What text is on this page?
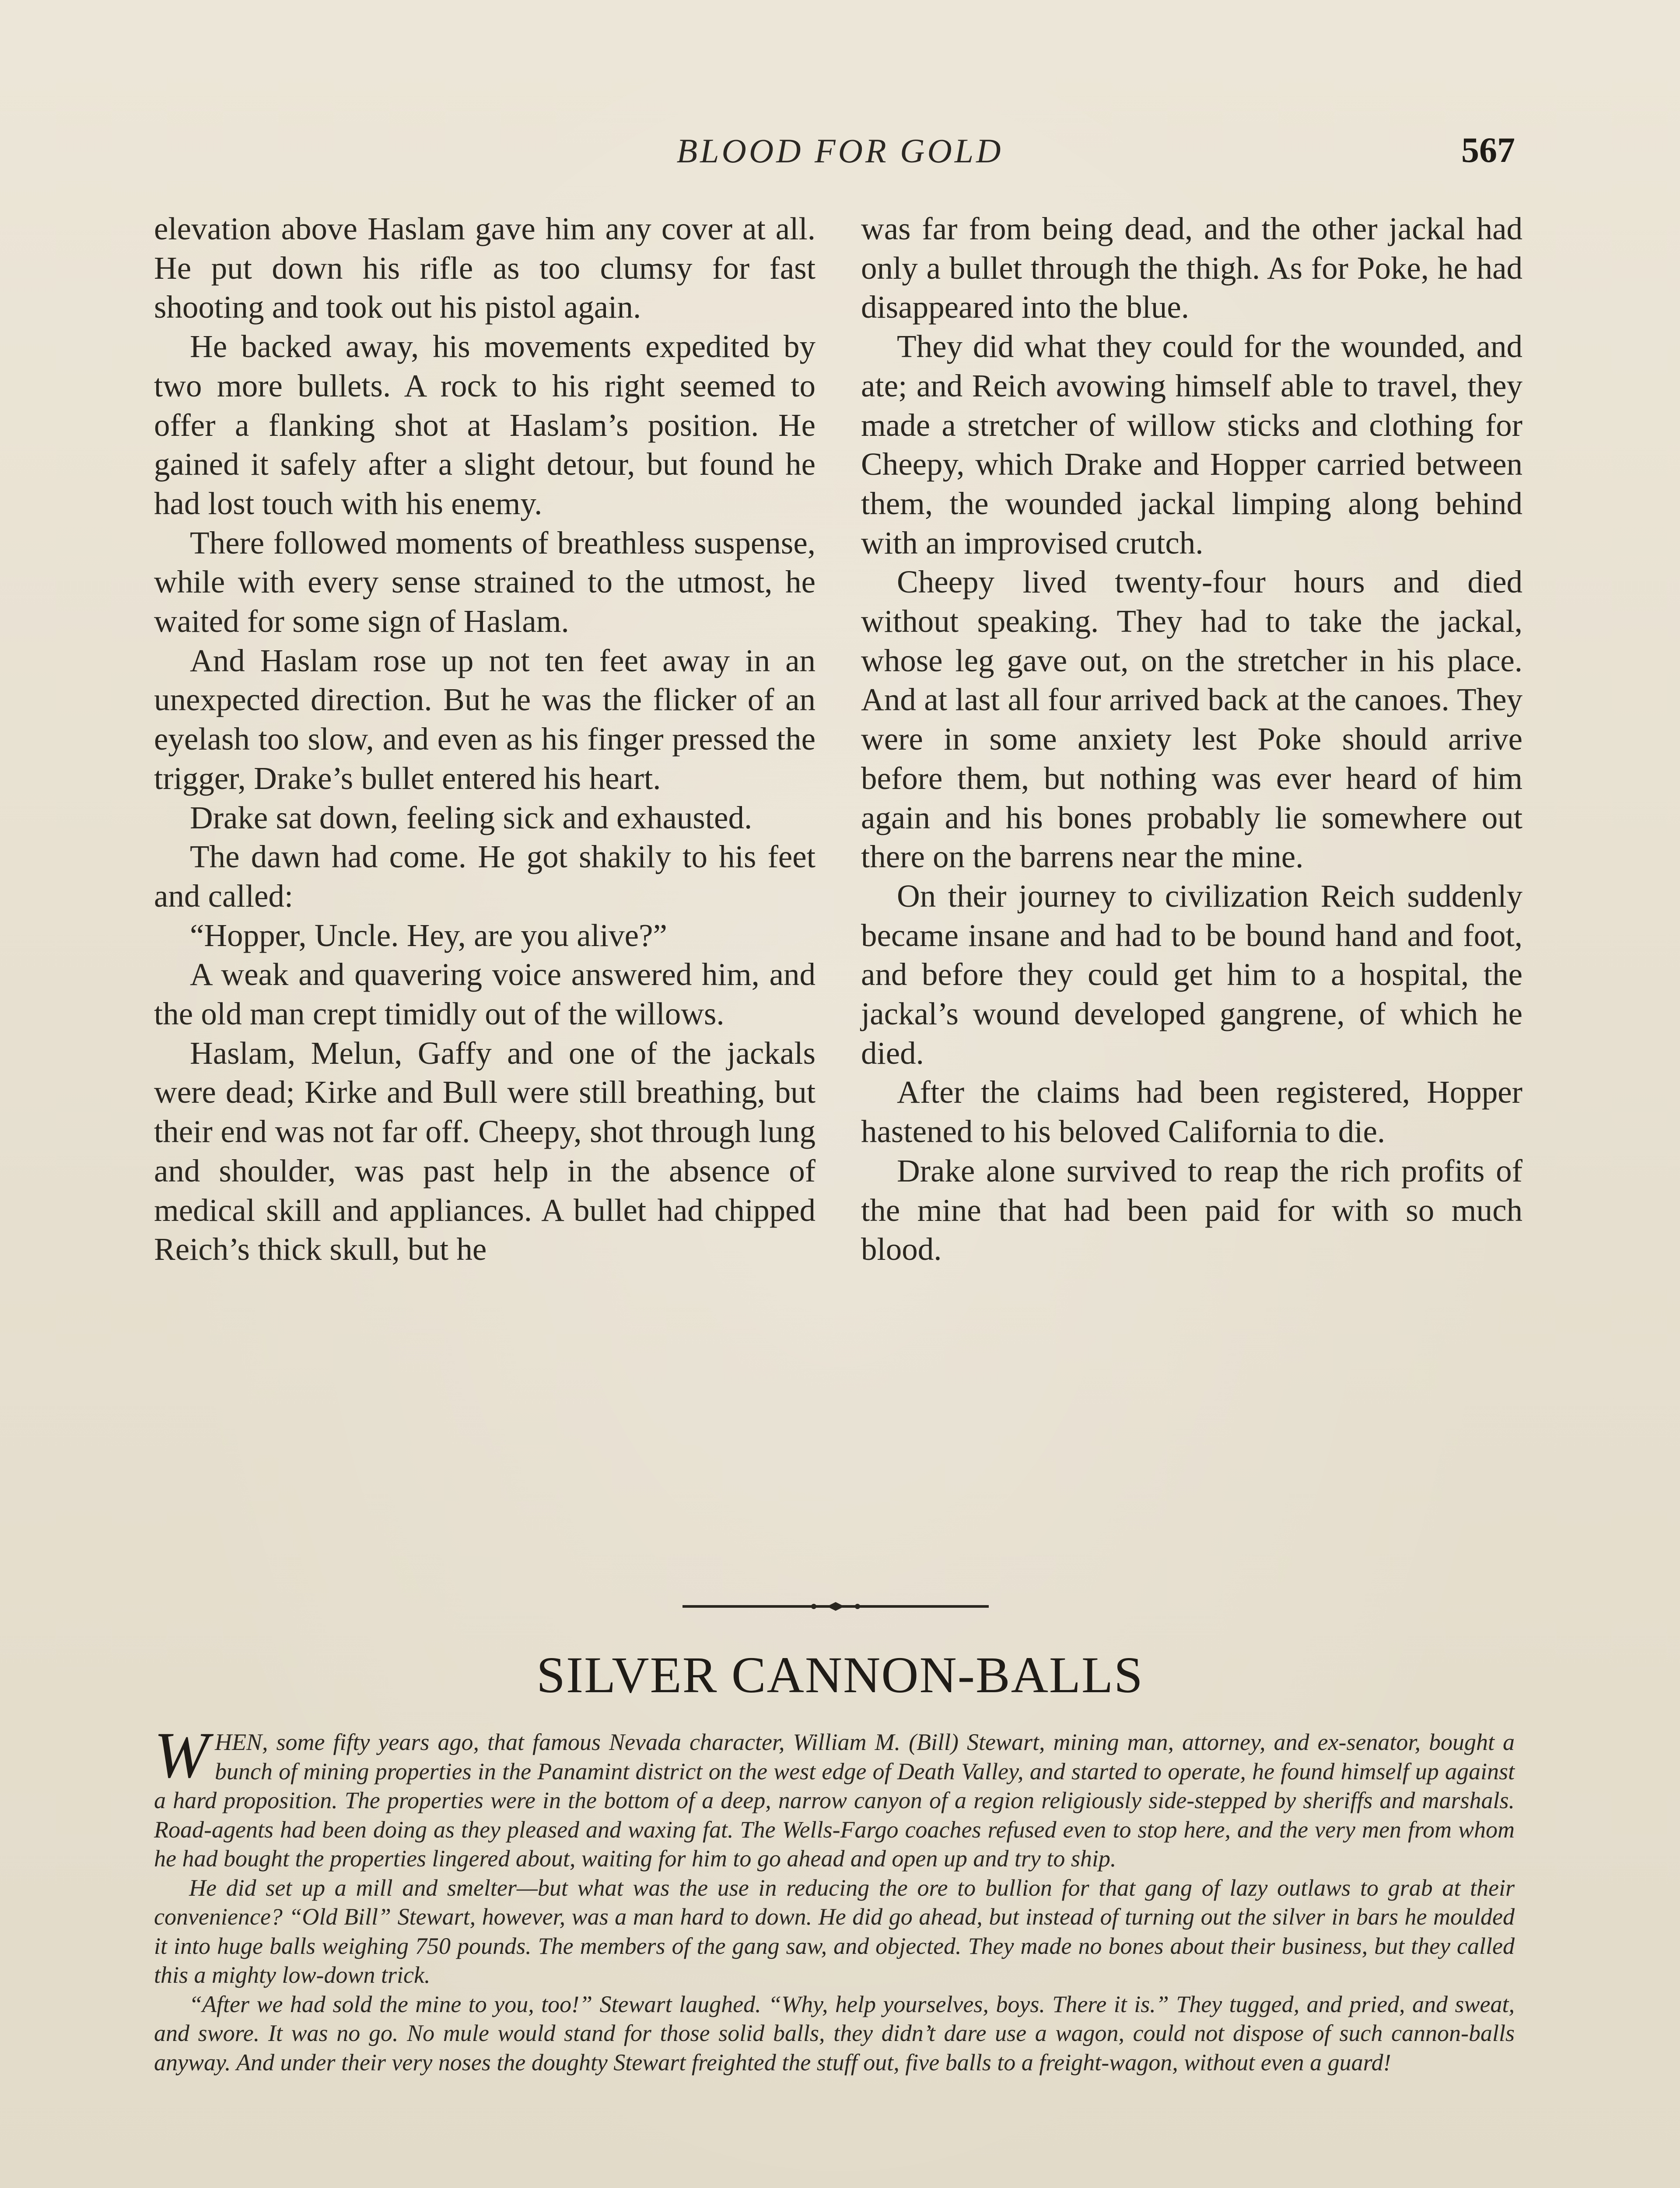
BLOOD FOR GOLD	567

elevation above Haslam gave him any cover at all. He put down his rifle as too clumsy for fast shooting and took out his pistol again.

He backed away, his movements expedited by two more bullets. A rock to his right seemed to offer a flanking shot at Haslam’s position. He gained it safely after a slight detour, but found he had lost touch with his enemy.

There followed moments of breathless suspense, while with every sense strained to the utmost, he waited for some sign of Haslam.

And Haslam rose up not ten feet away in an unexpected direction. But he was the flicker of an eyelash too slow, and even as his finger pressed the trigger, Drake’s bullet entered his heart.

Drake sat down, feeling sick and exhausted.

The dawn had come. He got shakily to his feet and called:

“Hopper, Uncle. Hey, are you alive?”

A weak and quavering voice answered him, and the old man crept timidly out of the willows.

Haslam, Melun, Gaffy and one of the jackals were dead; Kirke and Bull were still breathing, but their end was not far off. Cheepy, shot through lung and shoulder, was past help in the absence of medical skill and appliances. A bullet had chipped Reich’s thick skull, but he

was far from being dead, and the other jackal had only a bullet through the thigh. As for Poke, he had disappeared into the blue.

They did what they could for the wounded, and ate; and Reich avowing himself able to travel, they made a stretcher of willow sticks and clothing for Cheepy, which Drake and Hopper carried between them, the wounded jackal limping along behind with an improvised crutch.

Cheepy lived twenty-four hours and died without speaking. They had to take the jackal, whose leg gave out, on the stretcher in his place. And at last all four arrived back at the canoes. They were in some anxiety lest Poke should arrive before them, but nothing was ever heard of him again and his bones probably lie somewhere out there on the barrens near the mine.

On their journey to civilization Reich suddenly became insane and had to be bound hand and foot, and before they could get him to a hospital, the jackal’s wound developed gangrene, of which he died.

After the claims had been registered, Hopper hastened to his beloved California to die.

Drake alone survived to reap the rich profits of the mine that had been paid for with so much blood.

SILVER CANNON-BALLS

WHEN, some fifty years ago, that famous Nevada character, William M. (Bill) Stewart, mining man, attorney, and ex-senator, bought a bunch of mining properties in the Panamint district on the west edge of Death Valley, and started to operate, he found himself up against a hard proposition. The properties were in the bottom of a deep, narrow canyon of a region religiously side-stepped by sheriffs and marshals. Road-agents had been doing as they pleased and waxing fat. The Wells-Fargo coaches refused even to stop here, and the very men from whom he had bought the properties lingered about, waiting for him to go ahead and open up and try to ship.

He did set up a mill and smelter—but what was the use in reducing the ore to bullion for that gang of lazy outlaws to grab at their convenience? “Old Bill” Stewart, however, was a man hard to down. He did go ahead, but instead of turning out the silver in bars he moulded it into huge balls weighing 750 pounds. The members of the gang saw, and objected. They made no bones about their business, but they called this a mighty low-down trick.

“After we had sold the mine to you, too!” Stewart laughed. “Why, help yourselves, boys. There it is.” They tugged, and pried, and sweat, and swore. It was no go. No mule would stand for those solid balls, they didn’t dare use a wagon, could not dispose of such cannon-balls anyway. And under their very noses the doughty Stewart freighted the stuff out, five balls to a freight-wagon, without even a guard!
